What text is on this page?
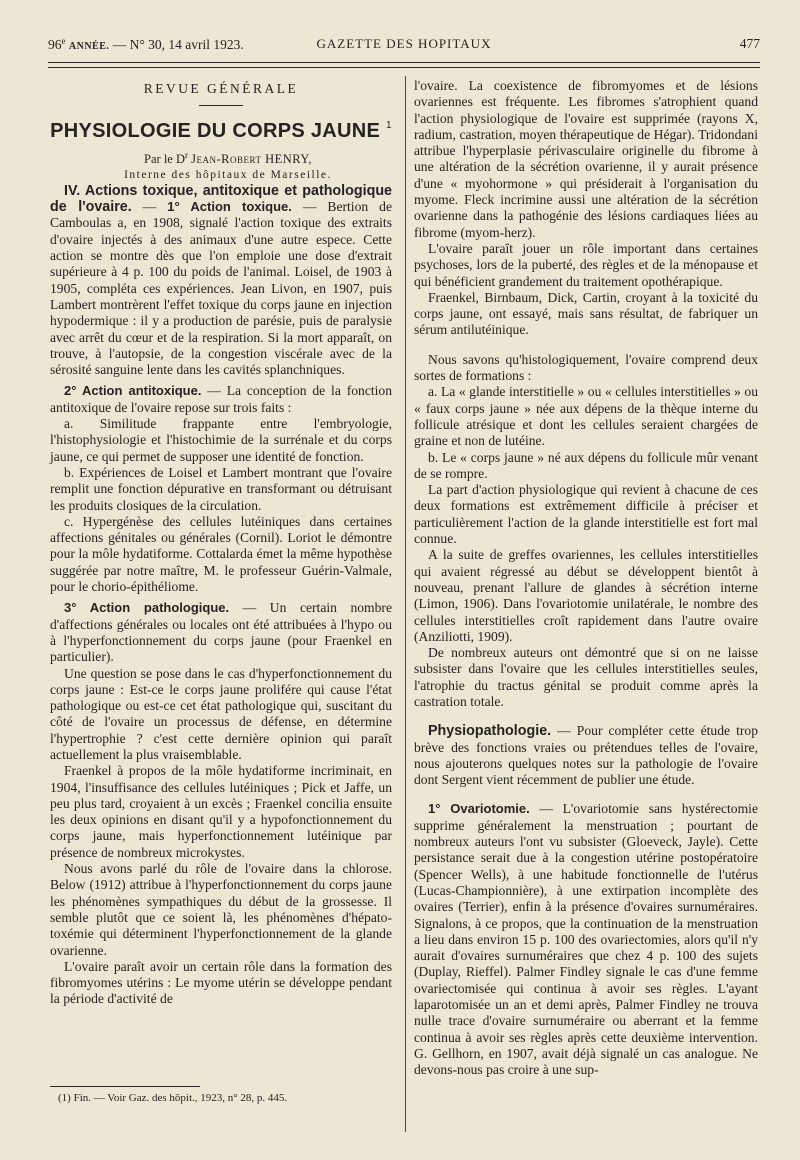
96e ANNÉE. — N° 30, 14 avril 1923.	GAZETTE DES HOPITAUX	477
REVUE GÉNÉRALE
PHYSIOLOGIE DU CORPS JAUNE $^1$

Par le $D^r$ Jean-Robert HENRY,

Interne des hôpitaux de Marseille.

IV. Actions toxique, antitoxique et pathologique de l'ovaire. — 1° Action toxique. — Bertion de Camboulas a, en 1908, signalé l'action toxique des extraits d'ovaire injectés à des animaux d'une autre espece. Cette action se montre dès que l'on emploie une dose d'extrait supérieure à 4 p. 100 du poids de l'animal. Loisel, de 1903 à 1905, compléta ces expériences. Jean Livon, en 1907, puis Lambert montrèrent l'effet toxique du corps jaune en injection hypodermique : il y a production de parésie, puis de paralysie avec arrêt du cœur et de la respiration. Si la mort apparaît, on trouve, à l'autopsie, de la congestion viscérale avec de la sérosité sanguine lente dans les cavités splanchniques.

2° Action antitoxique. — La conception de la fonction antitoxique de l'ovaire repose sur trois faits :

a. Similitude frappante entre l'embryologie, l'histophysiologie et l'histochimie de la surrénale et du corps jaune, ce qui permet de supposer une identité de fonction.

b. Expériences de Loisel et Lambert montrant que l'ovaire remplit une fonction dépurative en transformant ou détruisant les produits closiques de la circulation.

c. Hypergénèse des cellules lutéiniques dans certaines affections génitales ou générales (Cornil). Loriot le démontre pour la môle hydatiforme. Cottalarda émet la même hypothèse suggérée par notre maître, M. le professeur Guérin-Valmale, pour le chorio-épithéliome.

3° Action pathologique. — Un certain nombre d'affections générales ou locales ont été attribuées à l'hypo ou à l'hyperfonctionnement du corps jaune (pour Fraenkel en particulier).

Une question se pose dans le cas d'hyperfonctionnement du corps jaune : Est-ce le corps jaune prolifére qui cause l'état pathologique ou est-ce cet état pathologique qui, suscitant du côté de l'ovaire un processus de défense, en détermine l'hypertrophie ? c'est cette dernière opinion qui paraît actuellement la plus vraisemblable.

Fraenkel à propos de la môle hydatiforme incriminait, en 1904, l'insuffisance des cellules lutéiniques ; Pick et Jaffe, un peu plus tard, croyaient à un excès ; Fraenkel concilia ensuite les deux opinions en disant qu'il y a hypofonctionnement du corps jaune, mais hyperfonctionnement lutéinique par présence de nombreux microkystes.

Nous avons parlé du rôle de l'ovaire dans la chlorose. Below (1912) attribue à l'hyperfonctionnement du corps jaune les phénomènes sympathiques du début de la grossesse. Il semble plutôt que ce soient là, les phénomènes d'hépato-toxémie qui déterminent l'hyperfonctionnement de la glande ovarienne.

L'ovaire paraît avoir un certain rôle dans la formation des fibromyomes utérins : Le myome utérin se développe pendant la période d'activité de

l'ovaire. La coexistence de fibromyomes et de lésions ovariennes est fréquente. Les fibromes s'atrophient quand l'action physiologique de l'ovaire est supprimée (rayons X, radium, castration, moyen thérapeutique de Hégar). Tridondani attribue l'hyperplasie périvasculaire originelle du fibrome à une altération de la sécrétion ovarienne, il y aurait présence d'une « myohormone » qui présiderait à l'organisation du myome. Fleck incrimine aussi une altération de la sécrétion ovarienne dans la pathogénie des lésions cardiaques liées au fibrome (myom-herz).

L'ovaire paraît jouer un rôle important dans certaines psychoses, lors de la puberté, des règles et de la ménopause et qui bénéficient grandement du traitement opothérapique.

Fraenkel, Birnbaum, Dick, Cartin, croyant à la toxicité du corps jaune, ont essayé, mais sans résultat, de fabriquer un sérum antilutéinique.

Nous savons qu'histologiquement, l'ovaire comprend deux sortes de formations :

a. La « glande interstitielle » ou « cellules interstitielles » ou « faux corps jaune » née aux dépens de la thèque interne du follicule atrésique et dont les cellules seraient chargées de graine et non de lutéine.

b. Le « corps jaune » né aux dépens du follicule mûr venant de se rompre.

La part d'action physiologique qui revient à chacune de ces deux formations est extrêmement difficile à préciser et particulièrement l'action de la glande interstitielle est fort mal connue.

A la suite de greffes ovariennes, les cellules interstitielles qui avaient régressé au début se développent bientôt à nouveau, prenant l'allure de glandes à sécrétion interne (Limon, 1906). Dans l'ovariotomie unilatérale, le nombre des cellules interstitielles croît rapidement dans l'autre ovaire (Anziliotti, 1909).

De nombreux auteurs ont démontré que si on ne laisse subsister dans l'ovaire que les cellules interstitielles seules, l'atrophie du tractus génital se produit comme après la castration totale.

Physiopathologie. — Pour compléter cette étude trop brève des fonctions vraies ou prétendues telles de l'ovaire, nous ajouterons quelques notes sur la pathologie de l'ovaire dont Sergent vient récemment de publier une étude.

1° Ovariotomie. — L'ovariotomie sans hystérectomie supprime généralement la menstruation ; pourtant de nombreux auteurs l'ont vu subsister (Gloeveck, Jayle). Cette persistance serait due à la congestion utérine postopératoire (Spencer Wells), à une habitude fonctionnelle de l'utérus (Lucas-Championnière), à une extirpation incomplète des ovaires (Terrier), enfin à la présence d'ovaires surnuméraires. Signalons, à ce propos, que la continuation de la menstruation a lieu dans environ 15 p. 100 des ovariectomies, alors qu'il n'y aurait d'ovaires surnuméraires que chez 4 p. 100 des sujets (Duplay, Rieffel). Palmer Findley signale le cas d'une femme ovariectomisée qui continua à avoir ses règles. L'ayant laparotomisée un an et demi après, Palmer Findley ne trouva nulle trace d'ovaire surnuméraire ou aberrant et la femme continua à avoir ses règles après cette deuxième intervention. G. Gellhorn, en 1907, avait déjà signalé un cas analogue. Ne devons-nous pas croire à une sup-

(1) Fin. — Voir Gaz. des hôpit., 1923, n° 28, p. 445.
